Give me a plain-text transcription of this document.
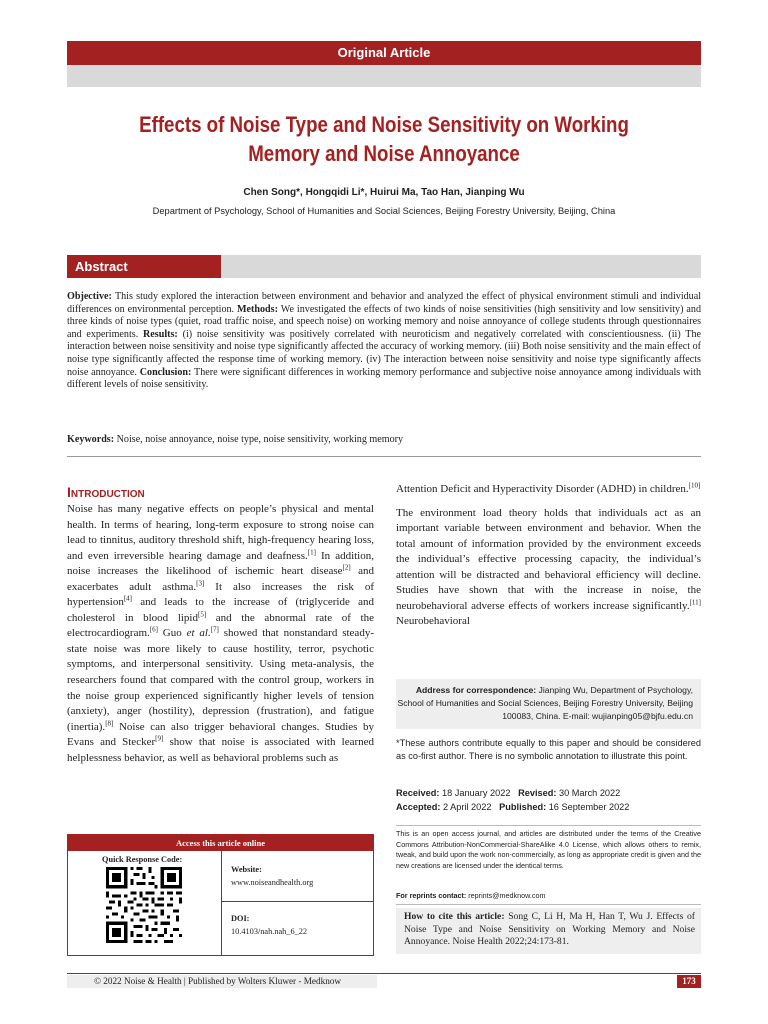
Original Article
Effects of Noise Type and Noise Sensitivity on Working Memory and Noise Annoyance
Chen Song*, Hongqidi Li*, Huirui Ma, Tao Han, Jianping Wu
Department of Psychology, School of Humanities and Social Sciences, Beijing Forestry University, Beijing, China
Abstract
Objective: This study explored the interaction between environment and behavior and analyzed the effect of physical environment stimuli and individual differences on environmental perception. Methods: We investigated the effects of two kinds of noise sensitivities (high sensitivity and low sensitivity) and three kinds of noise types (quiet, road traffic noise, and speech noise) on working memory and noise annoyance of college students through questionnaires and experiments. Results: (i) noise sensitivity was positively correlated with neuroticism and negatively correlated with conscientiousness. (ii) The interaction between noise sensitivity and noise type significantly affected the accuracy of working memory. (iii) Both noise sensitivity and the main effect of noise type significantly affected the response time of working memory. (iv) The interaction between noise sensitivity and noise type significantly affects noise annoyance. Conclusion: There were significant differences in working memory performance and subjective noise annoyance among individuals with different levels of noise sensitivity.
Keywords: Noise, noise annoyance, noise type, noise sensitivity, working memory
INTRODUCTION
Noise has many negative effects on people’s physical and mental health. In terms of hearing, long-term exposure to strong noise can lead to tinnitus, auditory threshold shift, high-frequency hearing loss, and even irreversible hearing damage and deafness.[1] In addition, noise increases the likelihood of ischemic heart disease[2] and exacerbates adult asthma.[3] It also increases the risk of hypertension[4] and leads to the increase of (triglyceride and cholesterol in blood lipid[5] and the abnormal rate of the electrocardiogram.[6] Guo et al.[7] showed that nonstandard steady-state noise was more likely to cause hostility, terror, psychotic symptoms, and interpersonal sensitivity. Using meta-analysis, the researchers found that compared with the control group, workers in the noise group experienced significantly higher levels of tension (anxiety), anger (hostility), depression (frustration), and fatigue (inertia).[8] Noise can also trigger behavioral changes. Studies by Evans and Stecker[9] show that noise is associated with learned helplessness behavior, as well as behavioral problems such as

Attention Deficit and Hyperactivity Disorder (ADHD) in children.[10]

The environment load theory holds that individuals act as an important variable between environment and behavior. When the total amount of information provided by the environment exceeds the individual’s effective processing capacity, the individual’s attention will be distracted and behavioral efficiency will decline. Studies have shown that with the increase in noise, the neurobehavioral adverse effects of workers increase significantly.[11] Neurobehavioral

Address for correspondence: Jianping Wu, Department of Psychology,
School of Humanities and Social Sciences, Beijing Forestry University, Beijing
100083, China. E-mail: wujianping05@bjfu.edu.cn
*These authors contribute equally to this paper and should be considered as co-first author. There is no symbolic annotation to illustrate this point.
Received: 18 January 2022 Revised: 30 March 2022
Accepted: 2 April 2022 Published: 16 September 2022
This is an open access journal, and articles are distributed under the terms of the Creative Commons Attribution-NonCommercial-ShareAlike 4.0 License, which allows others to remix, tweak, and build upon the work non-commercially, as long as appropriate credit is given and the new creations are licensed under the identical terms.
For reprints contact: reprints@medknow.com
How to cite this article: Song C, Li H, Ma H, Han T, Wu J. Effects of Noise Type and Noise Sensitivity on Working Memory and Noise Annoyance. Noise Health 2022;24:173-81.
Access this article online
Quick Response Code:
Website:
www.noiseandhealth.org
DOI:
10.4103/nah.nah_6_22
© 2022 Noise & Health | Published by Wolters Kluwer - Medknow	173
